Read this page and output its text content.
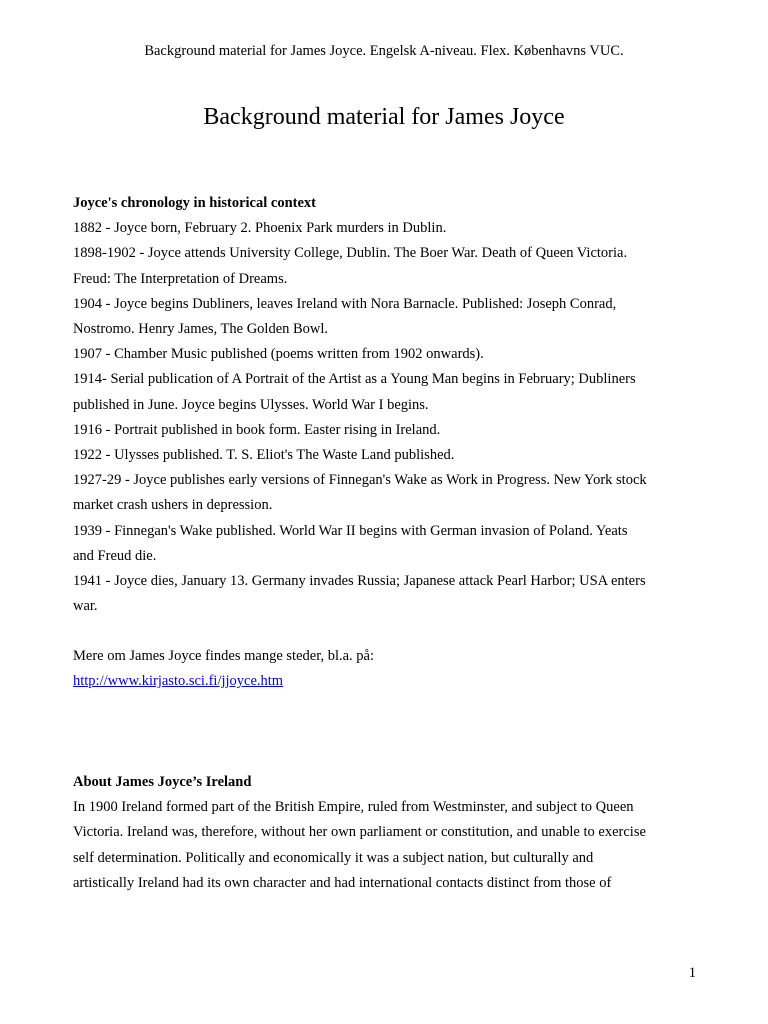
Background material for James Joyce. Engelsk A-niveau. Flex. Københavns VUC.
Background material for James Joyce
Joyce's chronology in historical context
1882 - Joyce born, February 2. Phoenix Park murders in Dublin.
1898-1902 - Joyce attends University College, Dublin. The Boer War. Death of Queen Victoria.
Freud: The Interpretation of Dreams.
1904 - Joyce begins Dubliners, leaves Ireland with Nora Barnacle. Published: Joseph Conrad,
Nostromo. Henry James, The Golden Bowl.
1907 - Chamber Music published (poems written from 1902 onwards).
1914- Serial publication of A Portrait of the Artist as a Young Man begins in February; Dubliners
published in June. Joyce begins Ulysses. World War I begins.
1916 - Portrait published in book form. Easter rising in Ireland.
1922 - Ulysses published. T. S. Eliot's The Waste Land published.
1927-29 - Joyce publishes early versions of Finnegan's Wake as Work in Progress. New York stock
market crash ushers in depression.
1939 - Finnegan's Wake published. World War II begins with German invasion of Poland. Yeats
and Freud die.
1941 - Joyce dies, January 13. Germany invades Russia; Japanese attack Pearl Harbor; USA enters
war.
Mere om James Joyce findes mange steder, bl.a. på:
http://www.kirjasto.sci.fi/jjoyce.htm
About James Joyce’s Ireland
In 1900 Ireland formed part of the British Empire, ruled from Westminster, and subject to Queen
Victoria. Ireland was, therefore, without her own parliament or constitution, and unable to exercise
self determination. Politically and economically it was a subject nation, but culturally and
artistically Ireland had its own character and had international contacts distinct from those of
1
